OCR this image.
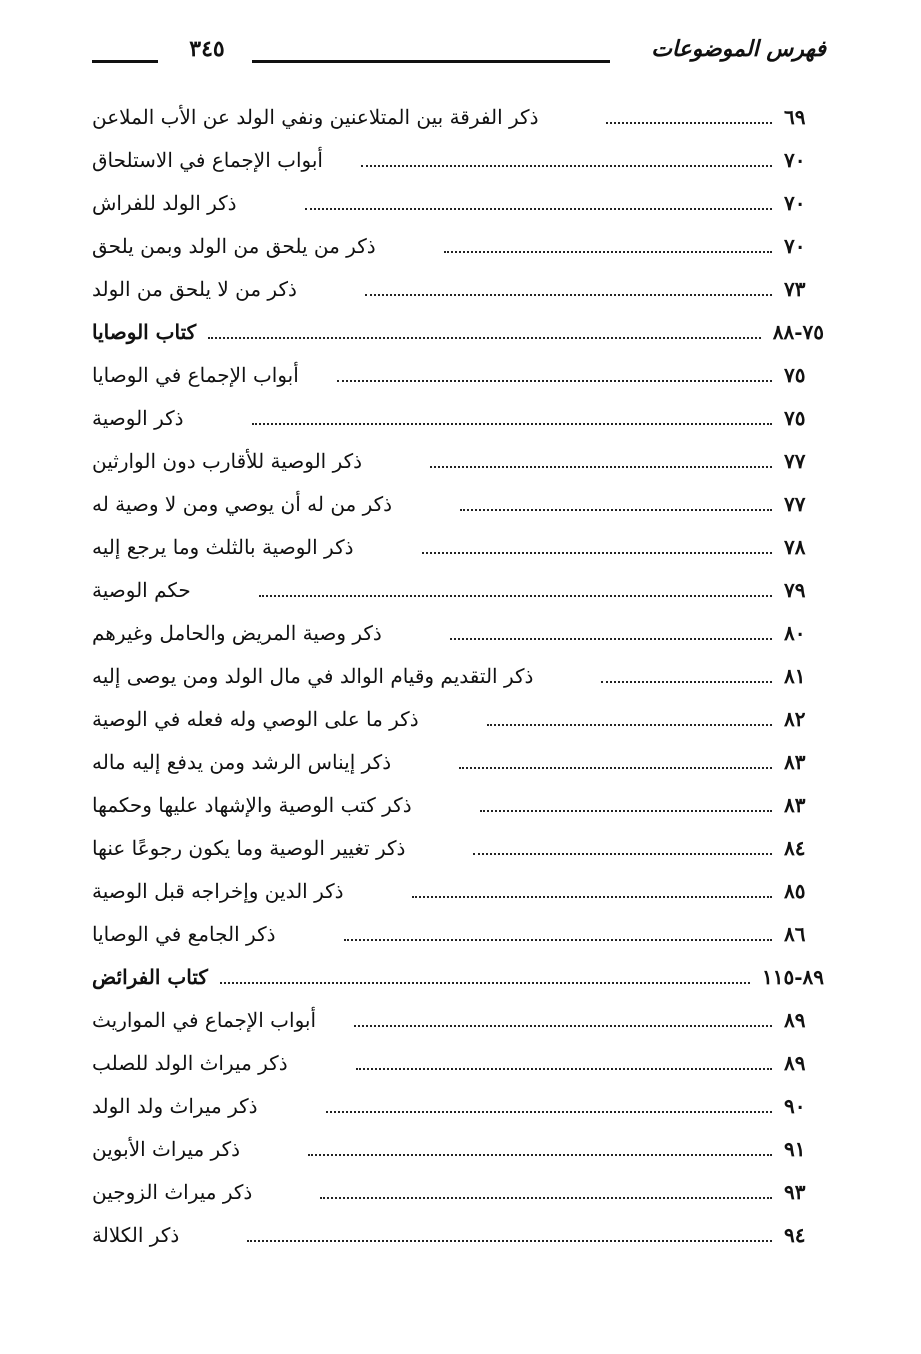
٣٤٥	فهرس الموضوعات
ذكر الفرقة بين المتلاعنين ونفي الولد عن الأب الملاعن	٦٩
أبواب الإجماع في الاستلحاق	٧٠
ذكر الولد للفراش	٧٠
ذكر من يلحق من الولد وبمن يلحق	٧٠
ذكر من لا يلحق من الولد	٧٣
كتاب الوصايا	٧٥-٨٨
أبواب الإجماع في الوصايا	٧٥
ذكر الوصية	٧٥
ذكر الوصية للأقارب دون الوارثين	٧٧
ذكر من له أن يوصي ومن لا وصية له	٧٧
ذكر الوصية بالثلث وما يرجع إليه	٧٨
حكم الوصية	٧٩
ذكر وصية المريض والحامل وغيرهم	٨٠
ذكر التقديم وقيام الوالد في مال الولد ومن يوصى إليه	٨١
ذكر ما على الوصي وله فعله في الوصية	٨٢
ذكر إيناس الرشد ومن يدفع إليه ماله	٨٣
ذكر كتب الوصية والإشهاد عليها وحكمها	٨٣
ذكر تغيير الوصية وما يكون رجوعًا عنها	٨٤
ذكر الدين وإخراجه قبل الوصية	٨٥
ذكر الجامع في الوصايا	٨٦
كتاب الفرائض	٨٩-١١٥
أبواب الإجماع في المواريث	٨٩
ذكر ميراث الولد للصلب	٨٩
ذكر ميراث ولد الولد	٩٠
ذكر ميراث الأبوين	٩١
ذكر ميراث الزوجين	٩٣
ذكر الكلالة	٩٤
